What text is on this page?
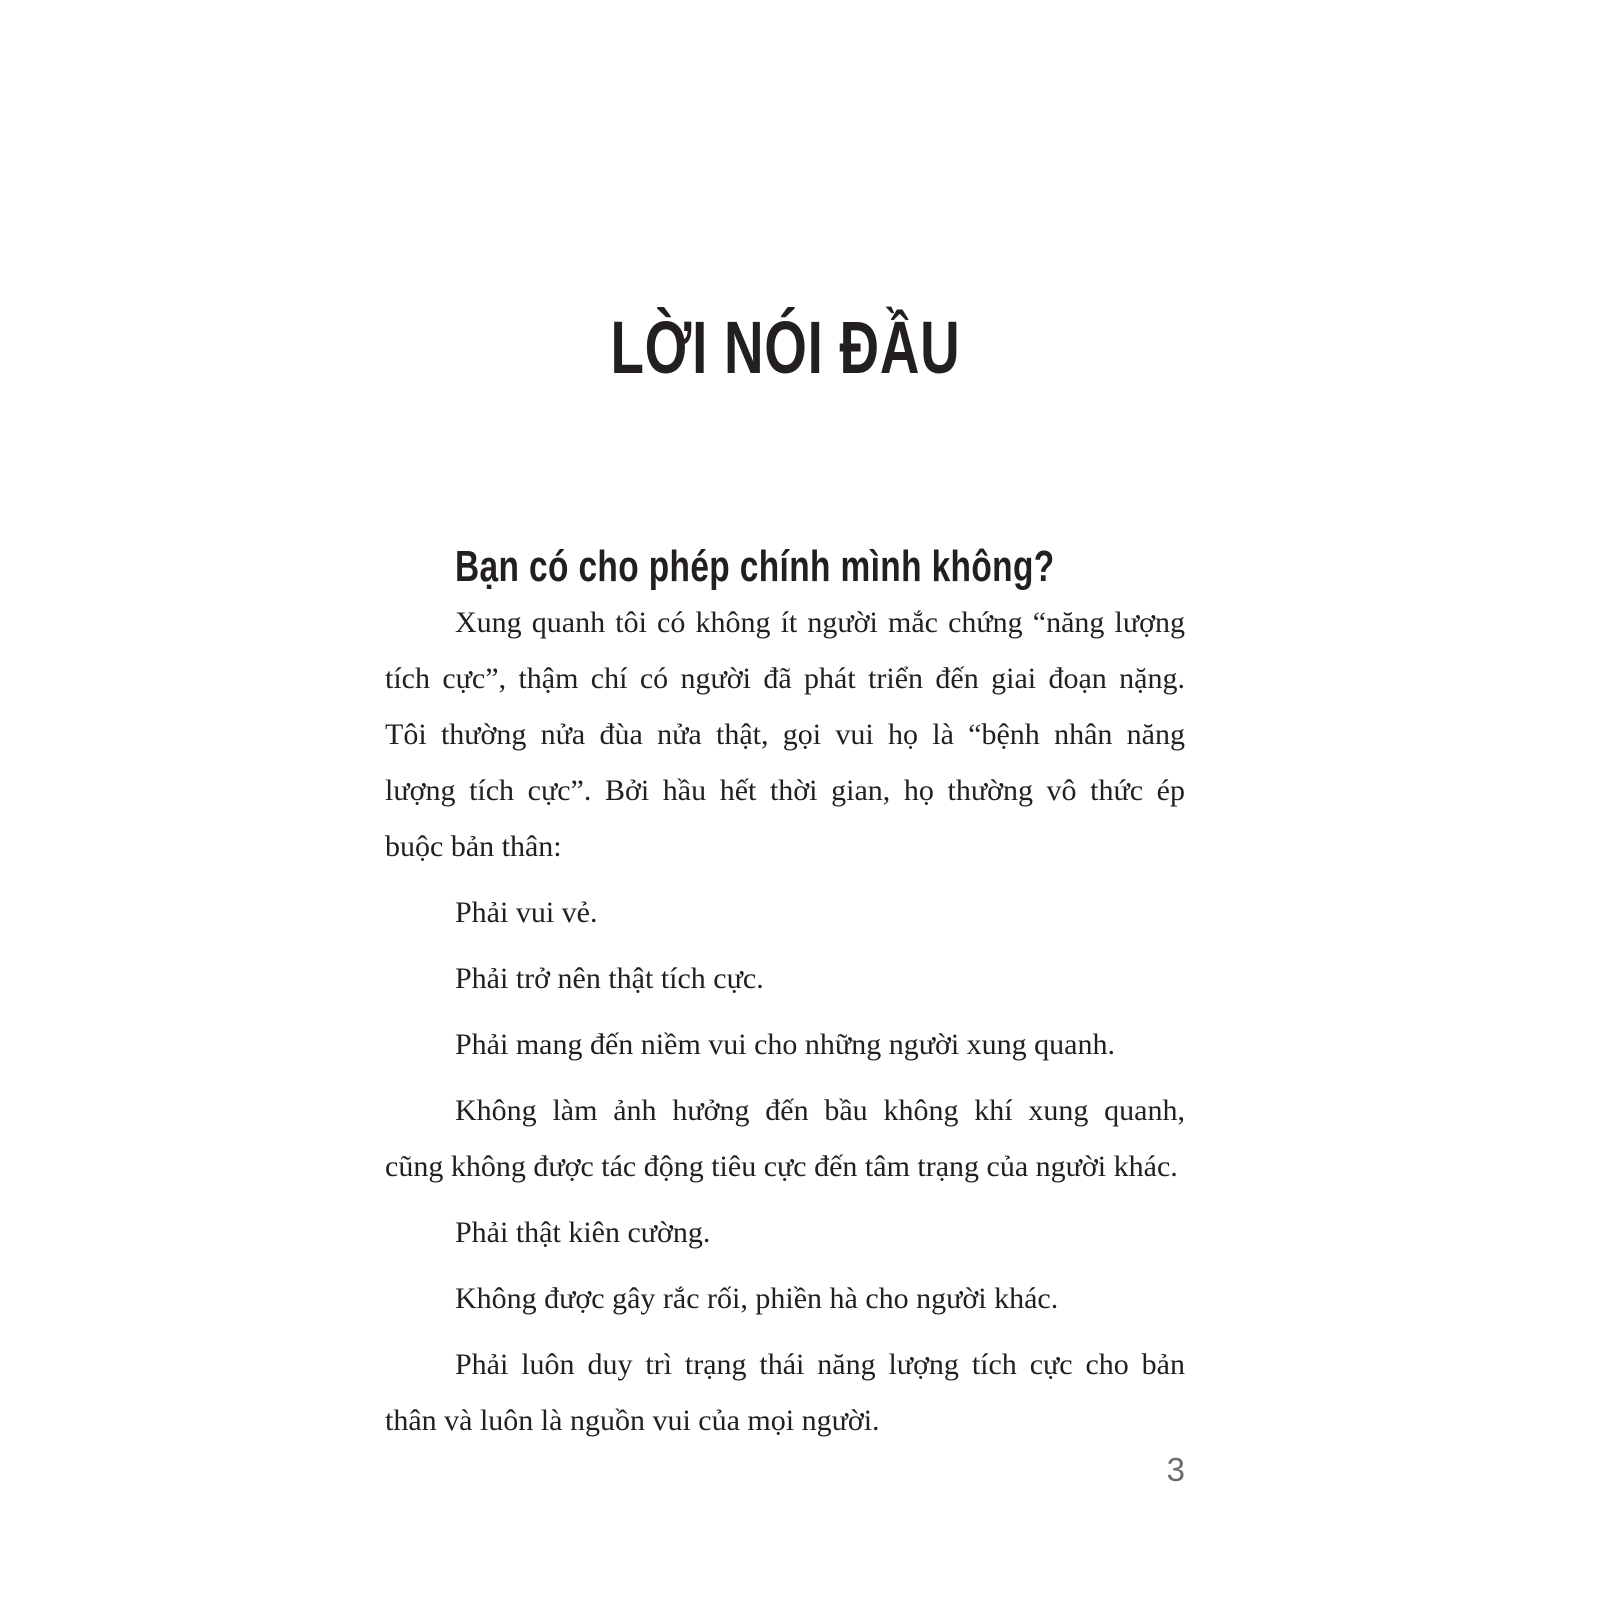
LỜI NÓI ĐẦU
Bạn có cho phép chính mình không?
Xung quanh tôi có không ít người mắc chứng “năng lượng
tích cực”, thậm chí có người đã phát triển đến giai đoạn nặng.
Tôi thường nửa đùa nửa thật, gọi vui họ là “bệnh nhân năng
lượng tích cực”. Bởi hầu hết thời gian, họ thường vô thức ép
buộc bản thân:
Phải vui vẻ.
Phải trở nên thật tích cực.
Phải mang đến niềm vui cho những người xung quanh.
Không làm ảnh hưởng đến bầu không khí xung quanh,
cũng không được tác động tiêu cực đến tâm trạng của người khác.
Phải thật kiên cường.
Không được gây rắc rối, phiền hà cho người khác.
Phải luôn duy trì trạng thái năng lượng tích cực cho bản
thân và luôn là nguồn vui của mọi người.
3
